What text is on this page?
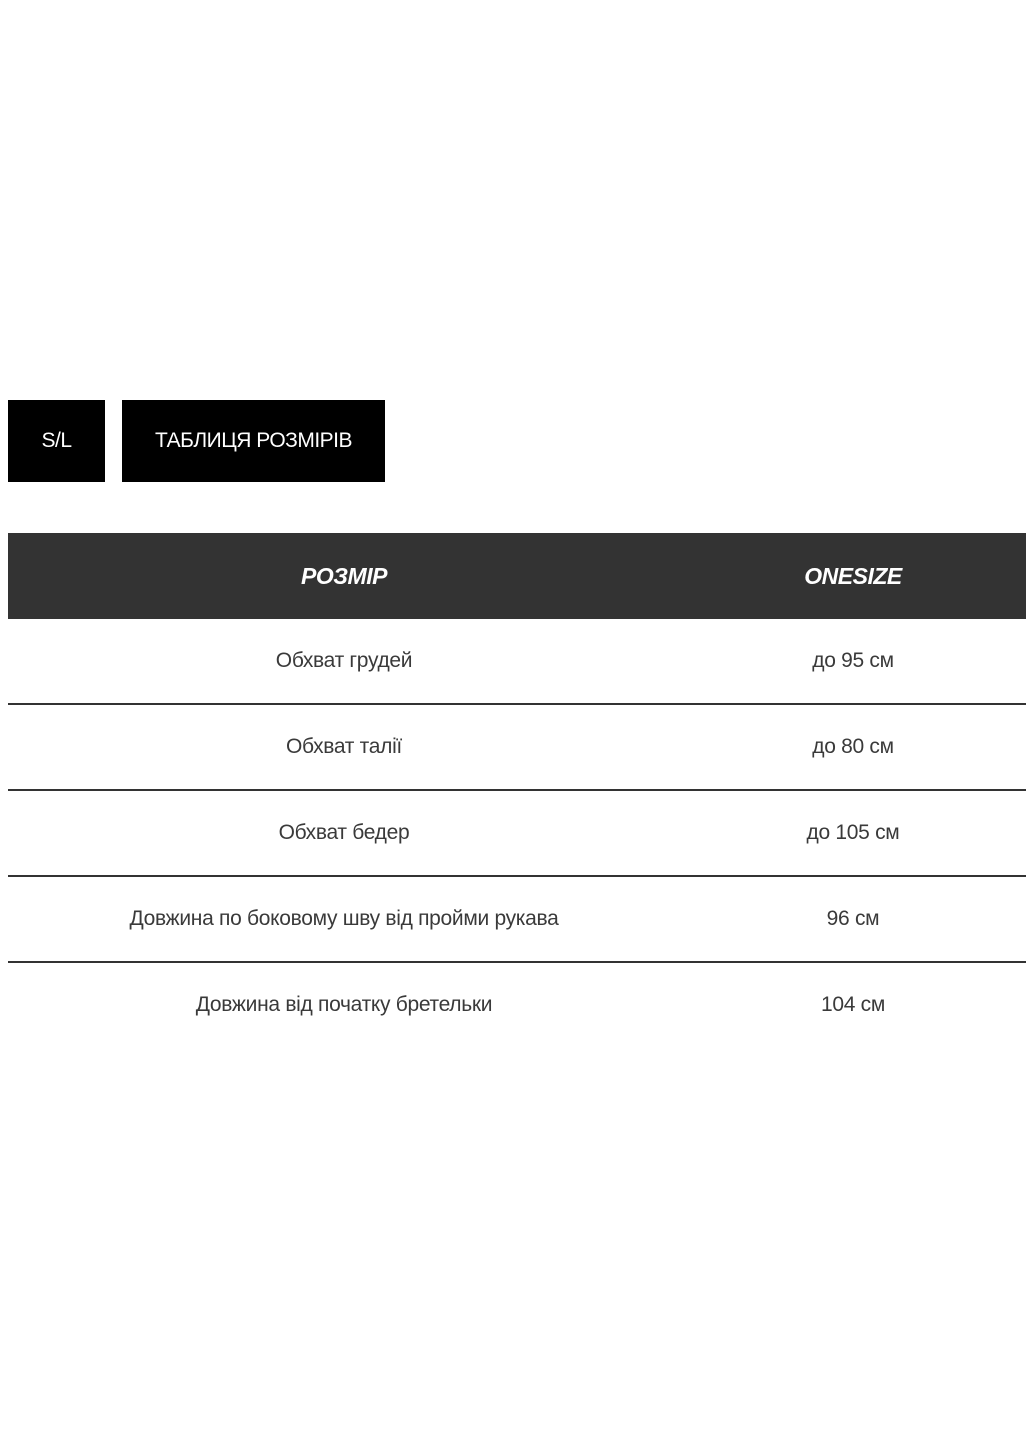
S/L	ТАБЛИЦЯ РОЗМІРІВ
РОЗМІР	ONESIZE
Обхват грудей	до 95 см
Обхват талії	до 80 см
Обхват бедер	до 105 см
Довжина по боковому шву від пройми рукава	96 см
Довжина від початку бретельки	104 см
